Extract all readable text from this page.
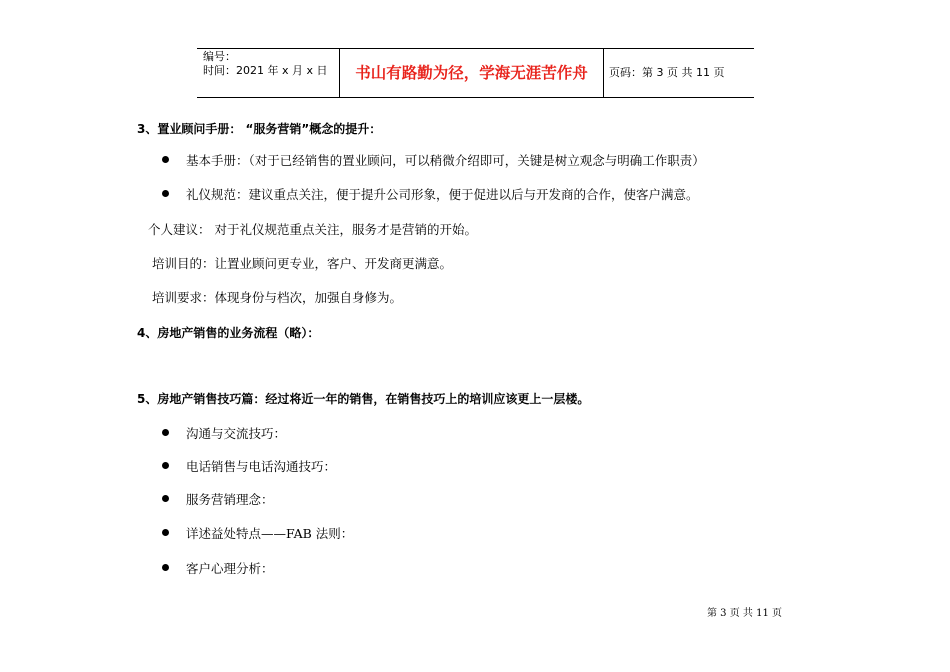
编号：
时间：2021 年 x 月 x 日	书山有路勤为径，学海无涯苦作舟	页码：第 3 页 共 11 页
3、置业顾问手册： “服务营销”概念的提升：
基本手册：（对于已经销售的置业顾问，可以稍微介绍即可，关键是树立观念与明确工作职责）
礼仪规范：建议重点关注，便于提升公司形象，便于促进以后与开发商的合作，使客户满意。
个人建议： 对于礼仪规范重点关注，服务才是营销的开始。
培训目的：让置业顾问更专业，客户、开发商更满意。
培训要求：体现身份与档次，加强自身修为。
4、房地产销售的业务流程（略）：
5、房地产销售技巧篇：经过将近一年的销售，在销售技巧上的培训应该更上一层楼。
沟通与交流技巧：
电话销售与电话沟通技巧：
服务营销理念：
详述益处特点——FAB 法则：
客户心理分析：
第 3 页 共 11 页
